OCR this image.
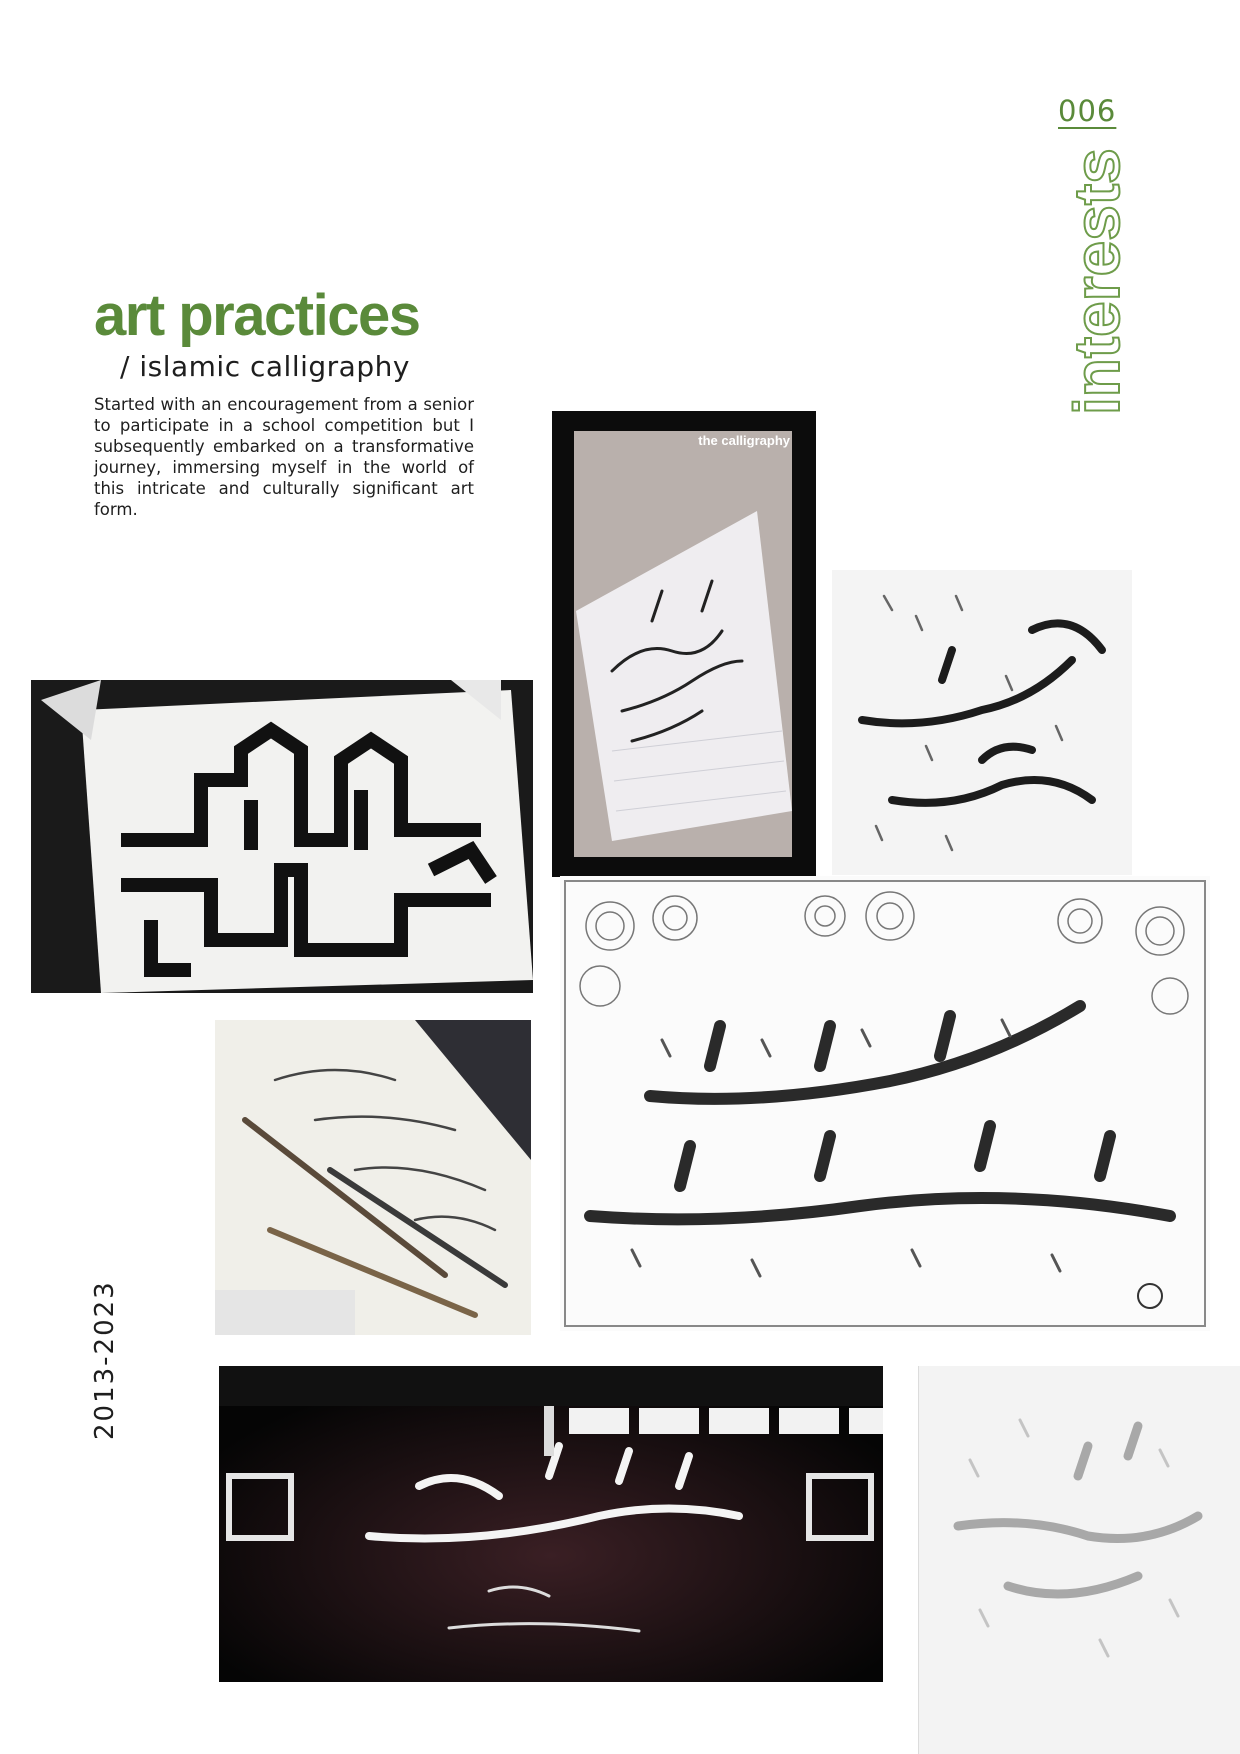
006
interests
art practices
/ islamic calligraphy
Started with an encouragement from a senior to participate in a school competition but I subsequently embarked on a transformative journey, immersing myself in the world of this intricate and culturally significant art form.
2013-2023
the calligraphy
